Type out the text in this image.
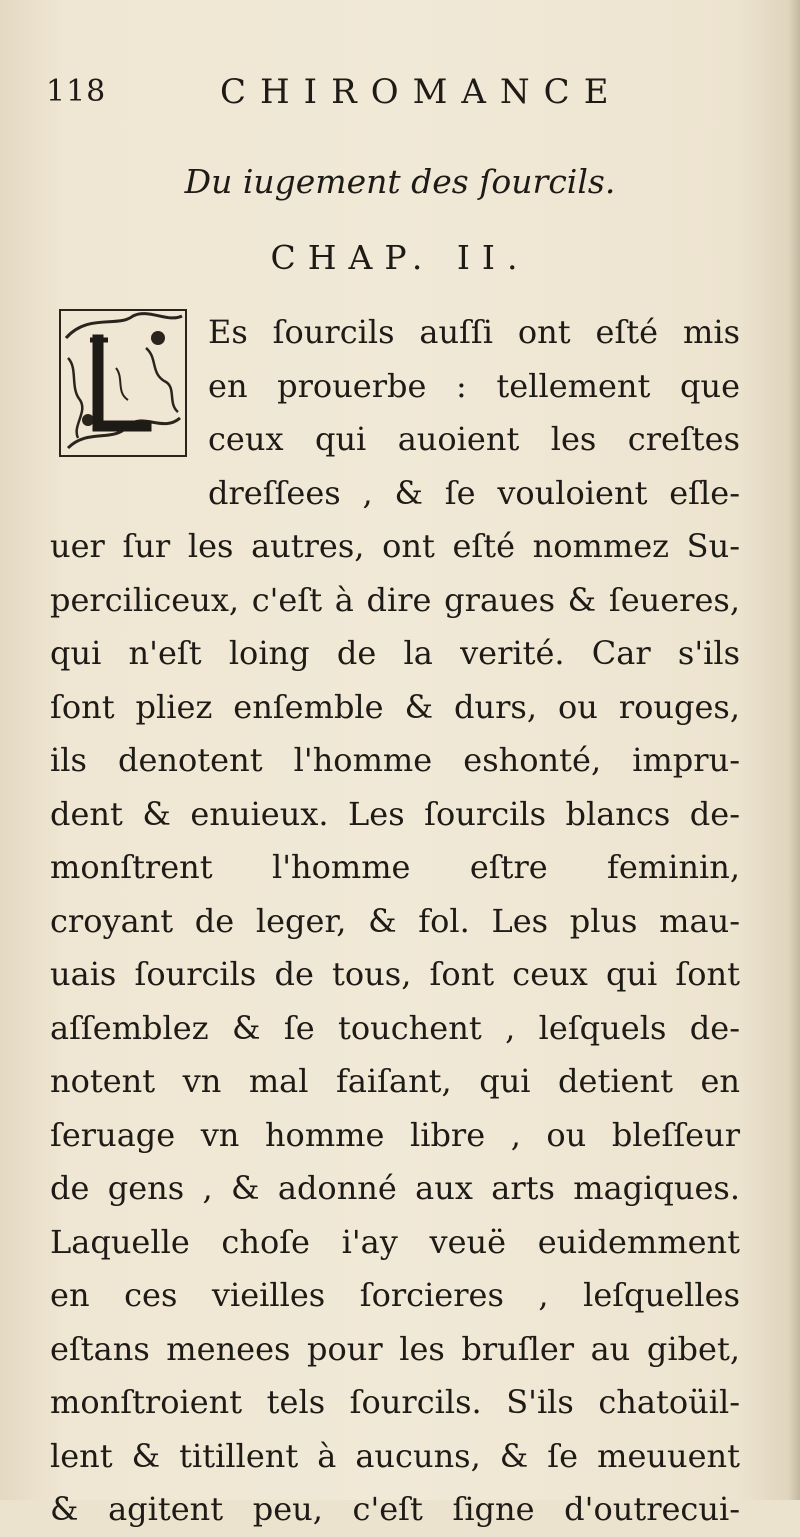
118	CHIROMANCE
Du iugement des ſourcils.
CHAP. II.
Es ſourcils auſſi ont eſté mis
en prouerbe : tellement que
ceux qui auoient les creſtes
dreſſees , & ſe vouloient eſle-
uer ſur les autres, ont eſté nommez Su-
perciliceux, c'eſt à dire graues & ſeueres,
qui n'eſt loing de la verité. Car s'ils
ſont pliez enſemble & durs, ou rouges,
ils denotent l'homme eshonté, impru-
dent & enuieux. Les ſourcils blancs de-
monſtrent l'homme eſtre feminin,
croyant de leger, & fol. Les plus mau-
uais ſourcils de tous, ſont ceux qui ſont
aſſemblez & ſe touchent , leſquels de-
notent vn mal faiſant, qui detient en
ſeruage vn homme libre , ou bleſſeur
de gens , & adonné aux arts magiques.
Laquelle choſe i'ay veuë euidemment
en ces vieilles ſorcieres , leſquelles
eſtans menees pour les bruſler au gibet,
monſtroient tels ſourcils. S'ils chatoüil-
lent & titillent à aucuns, & ſe meuuent
& agitent peu, c'eſt ſigne d'outrecui-
